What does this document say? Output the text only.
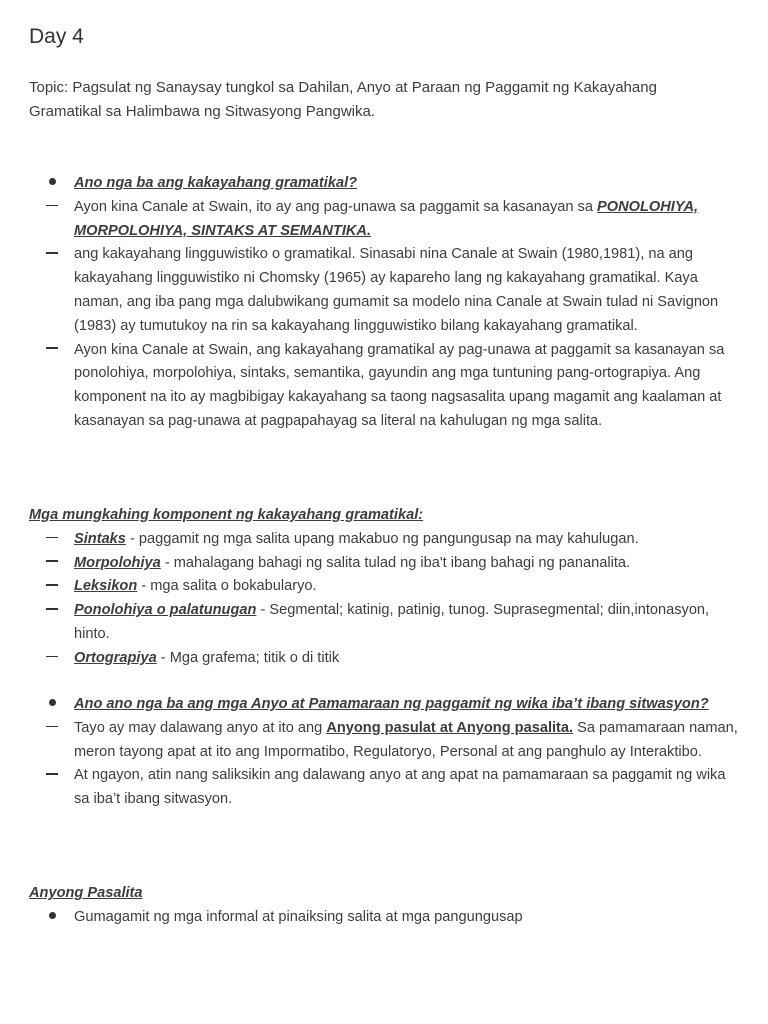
Day 4

Topic: Pagsulat ng Sanaysay tungkol sa Dahilan, Anyo at Paraan ng Paggamit ng Kakayahang Gramatikal sa Halimbawa ng Sitwasyong Pangwika.

Ano nga ba ang kakayahang gramatikal?

Ayon kina Canale at Swain, ito ay ang pag-unawa sa paggamit sa kasanayan sa PONOLOHIYA, MORPOLOHIYA, SINTAKS AT SEMANTIKA.

ang kakayahang lingguwistiko o gramatikal. Sinasabi nina Canale at Swain (1980,1981), na ang kakayahang lingguwistiko ni Chomsky (1965) ay kapareho lang ng kakayahang gramatikal. Kaya naman, ang iba pang mga dalubwikang gumamit sa modelo nina Canale at Swain tulad ni Savignon (1983) ay tumutukoy na rin sa kakayahang lingguwistiko bilang kakayahang gramatikal.

Ayon kina Canale at Swain, ang kakayahang gramatikal ay pag-unawa at paggamit sa kasanayan sa ponolohiya, morpolohiya, sintaks, semantika, gayundin ang mga tuntuning pang-ortograpiya. Ang komponent na ito ay magbibigay kakayahang sa taong nagsasalita upang magamit ang kaalaman at kasanayan sa pag-unawa at pagpapahayag sa literal na kahulugan ng mga salita.

Mga mungkahing komponent ng kakayahang gramatikal:

Sintaks - paggamit ng mga salita upang makabuo ng pangungusap na may kahulugan.

Morpolohiya - mahalagang bahagi ng salita tulad ng iba't ibang bahagi ng pananalita.

Leksikon - mga salita o bokabularyo.

Ponolohiya o palatunugan - Segmental; katinig, patinig, tunog. Suprasegmental; diin,intonasyon, hinto.

Ortograpiya - Mga grafema; titik o di titik

Ano ano nga ba ang mga Anyo at Pamamaraan ng paggamit ng wika iba’t ibang sitwasyon?

Tayo ay may dalawang anyo at ito ang Anyong pasulat at Anyong pasalita. Sa pamamaraan naman, meron tayong apat at ito ang Impormatibo, Regulatoryo, Personal at ang panghulo ay Interaktibo.

At ngayon, atin nang saliksikin ang dalawang anyo at ang apat na pamamaraan sa paggamit ng wika sa iba’t ibang sitwasyon.

Anyong Pasalita

Gumagamit ng mga informal at pinaiksing salita at mga pangungusap
